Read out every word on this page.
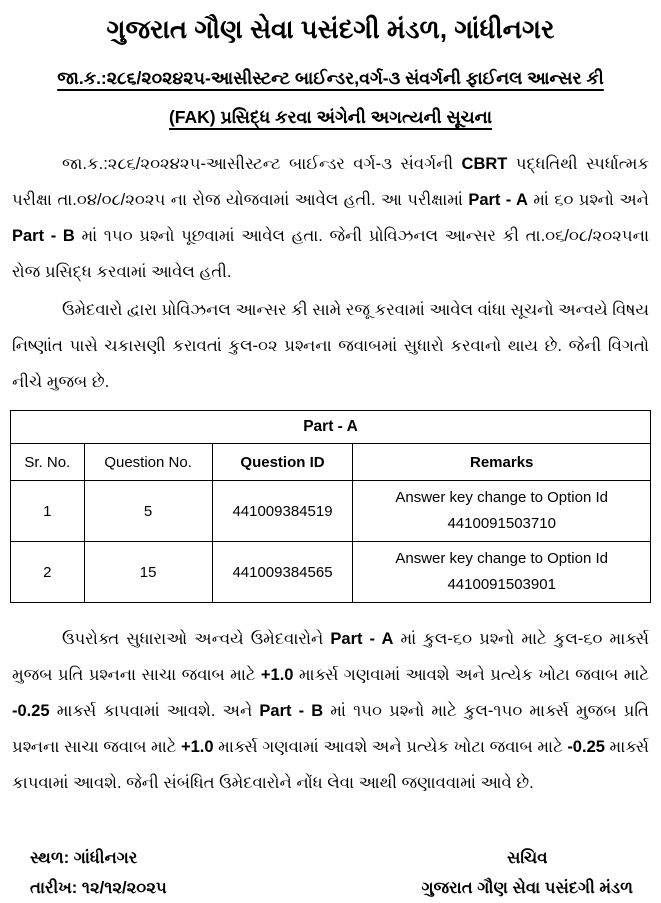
ગુજરાત ગૌણ સેવા પસંદગી મંડળ, ગાંધીનગર
જા.ક.:૨૮૬/૨૦૨૪૨૫-આસીસ્ટન્ટ બાઈન્ડર,વર્ગ-૩ સંવર્ગની ફાઈનલ આન્સર કી
(FAK) પ્રસિદ્ધ કરવા અંગેની અગત્યની સૂચના

જા.ક.:૨૮૬/૨૦૨૪૨૫-આસીસ્ટન્ટ બાઈન્ડર વર્ગ-૩ સંવર્ગની CBRT પદ્ધતિથી સ્પર્ધાત્મક પરીક્ષા તા.૦૪/૦૮/૨૦૨૫ ના રોજ યોજવામાં આવેલ હતી. આ પરીક્ષામાં Part - A માં ૬૦ પ્રશ્નો અને Part - B માં ૧૫૦ પ્રશ્નો પૂછવામાં આવેલ હતા. જેની પ્રોવિઝનલ આન્સર કી તા.૦૬/૦૮/૨૦૨૫ના રોજ પ્રસિદ્ધ કરવામાં આવેલ હતી.

ઉમેદવારો દ્વારા પ્રોવિઝનલ આન્સર કી સામે રજૂ કરવામાં આવેલ વાંધા સૂચનો અન્વયે વિષય નિષ્ણાંત પાસે ચકાસણી કરાવતાં કુલ-૦૨ પ્રશ્નના જવાબમાં સુધારો કરવાનો થાય છે. જેની વિગતો નીચે મુજબ છે.

Part - A			
Sr. No.	Question No.	Question ID	Remarks
1	5	441009384519	Answer key change to Option Id
4410091503710

2	15	441009384565	Answer key change to Option Id
4410091503901

ઉપરોક્ત સુધારાઓ અન્વયે ઉમેદવારોને Part - A માં કુલ-૬૦ પ્રશ્નો માટે કુલ-૬૦ માર્ક્સ મુજબ પ્રતિ પ્રશ્નના સાચા જવાબ માટે +1.0 માર્ક્સ ગણવામાં આવશે અને પ્રત્યેક ખોટા જવાબ માટે -0.25 માર્ક્સ કાપવામાં આવશે. અને Part - B માં ૧૫૦ પ્રશ્નો માટે કુલ-૧૫૦ માર્ક્સ મુજબ પ્રતિ પ્રશ્નના સાચા જવાબ માટે +1.0 માર્ક્સ ગણવામાં આવશે અને પ્રત્યેક ખોટા જવાબ માટે -0.25 માર્ક્સ કાપવામાં આવશે. જેની સંબંધિત ઉમેદવારોને નોંધ લેવા આથી જણાવવામાં આવે છે.

સ્થળ: ગાંધીનગર
તારીખ: ૧૨/૧૨/૨૦૨૫
સચિવ
ગુજરાત ગૌણ સેવા પસંદગી મંડળ
